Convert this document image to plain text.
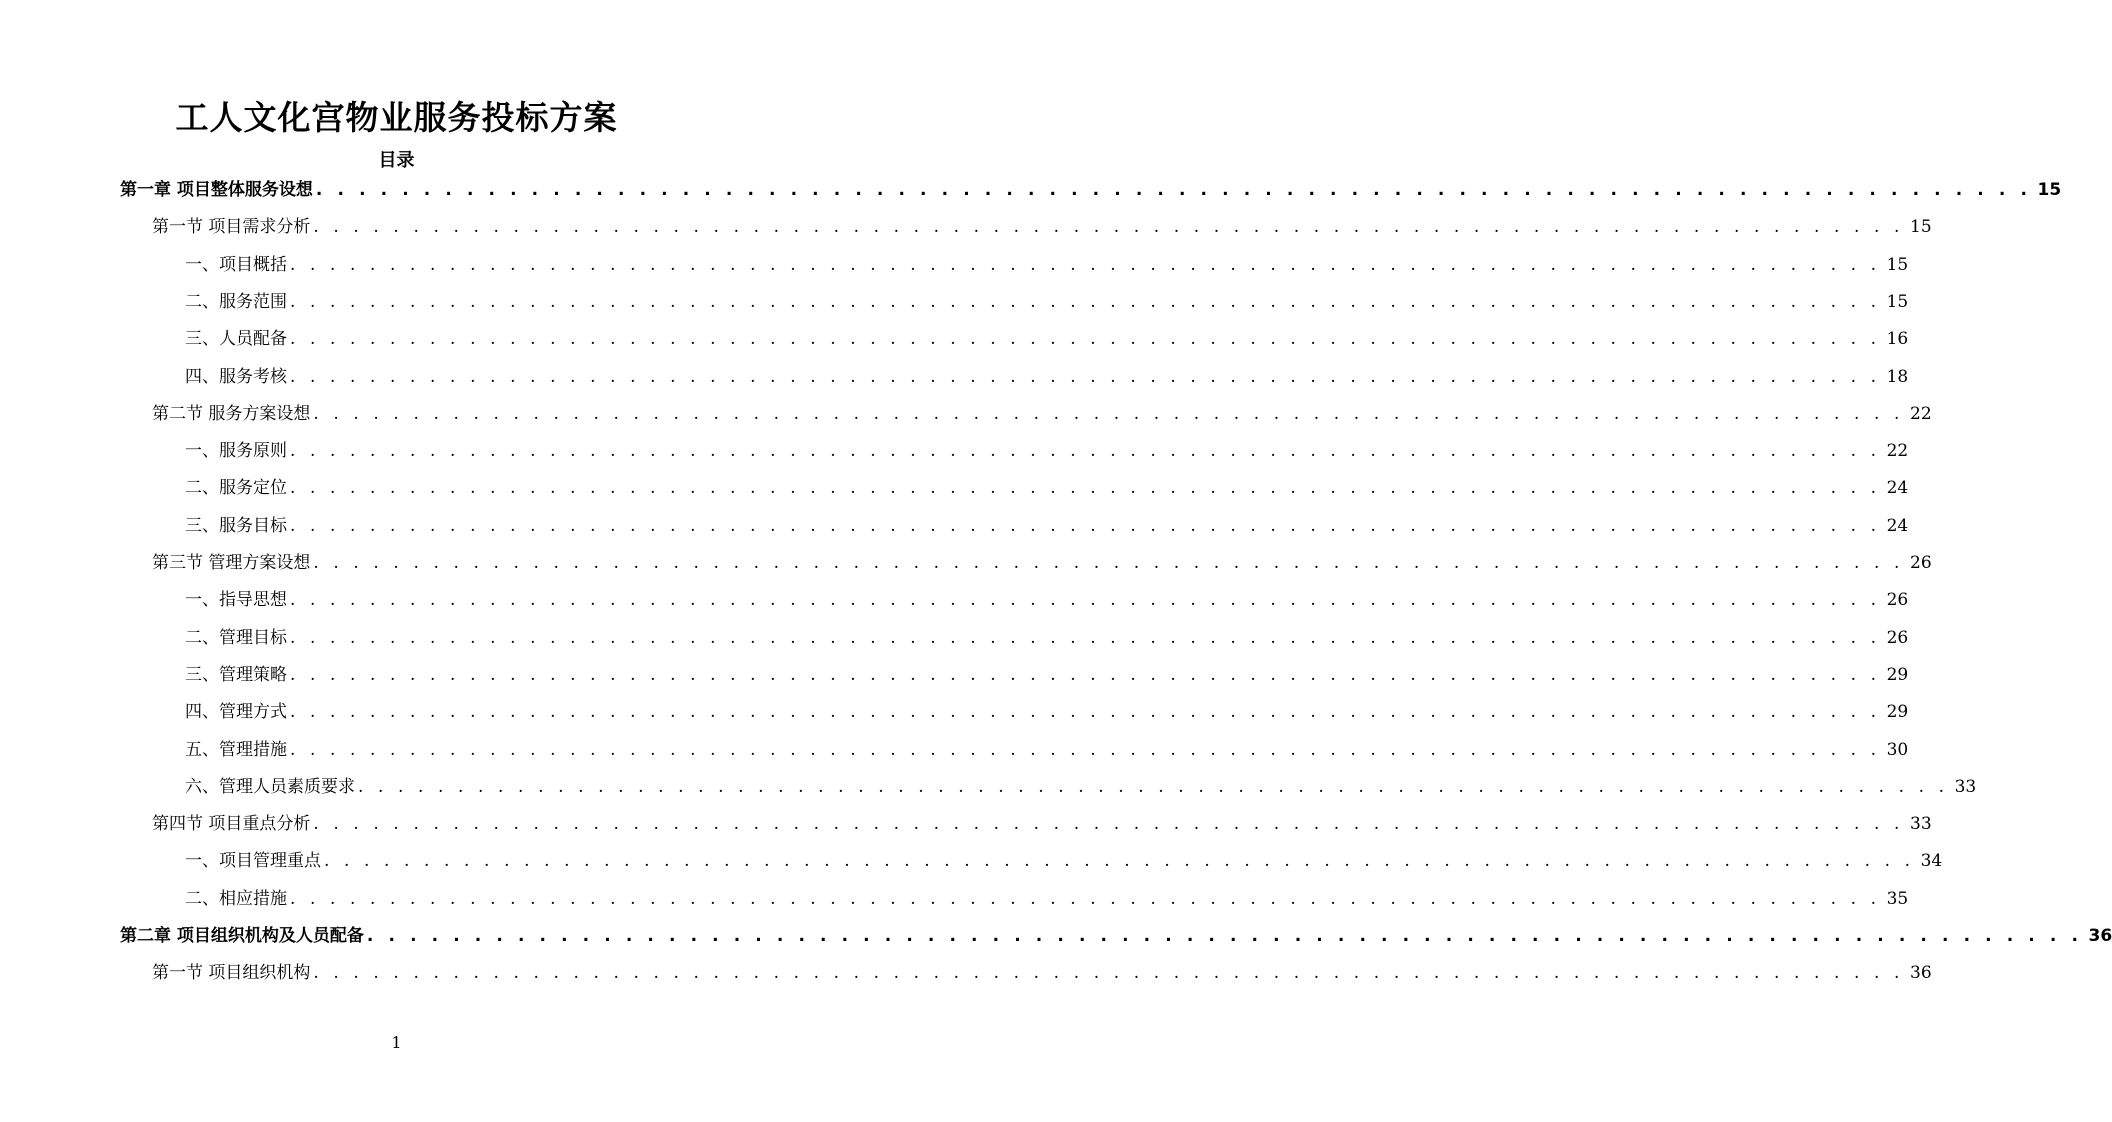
工人文化宫物业服务投标方案
目录
第一章 项目整体服务设想 . . . . . . . . . . . . . . . . . . . . . . . . . . . . . . . . . . . . . . . . . . . . . . . . . . . . . . . . . . . . . . . . . . . . . . . . . . . . . . . . 15
第一节 项目需求分析 . . . . . . . . . . . . . . . . . . . . . . . . . . . . . . . . . . . . . . . . . . . . . . . . . . . . . . . . . . . . . . . . . . . . . . . . . . . . . . . . 15
一、项目概括 . . . . . . . . . . . . . . . . . . . . . . . . . . . . . . . . . . . . . . . . . . . . . . . . . . . . . . . . . . . . . . . . . . . . . . . . . . . . . . . . 15
二、服务范围 . . . . . . . . . . . . . . . . . . . . . . . . . . . . . . . . . . . . . . . . . . . . . . . . . . . . . . . . . . . . . . . . . . . . . . . . . . . . . . . . 15
三、人员配备 . . . . . . . . . . . . . . . . . . . . . . . . . . . . . . . . . . . . . . . . . . . . . . . . . . . . . . . . . . . . . . . . . . . . . . . . . . . . . . . . 16
四、服务考核 . . . . . . . . . . . . . . . . . . . . . . . . . . . . . . . . . . . . . . . . . . . . . . . . . . . . . . . . . . . . . . . . . . . . . . . . . . . . . . . . 18
第二节 服务方案设想 . . . . . . . . . . . . . . . . . . . . . . . . . . . . . . . . . . . . . . . . . . . . . . . . . . . . . . . . . . . . . . . . . . . . . . . . . . . . . . . . 22
一、服务原则 . . . . . . . . . . . . . . . . . . . . . . . . . . . . . . . . . . . . . . . . . . . . . . . . . . . . . . . . . . . . . . . . . . . . . . . . . . . . . . . . 22
二、服务定位 . . . . . . . . . . . . . . . . . . . . . . . . . . . . . . . . . . . . . . . . . . . . . . . . . . . . . . . . . . . . . . . . . . . . . . . . . . . . . . . . 24
三、服务目标 . . . . . . . . . . . . . . . . . . . . . . . . . . . . . . . . . . . . . . . . . . . . . . . . . . . . . . . . . . . . . . . . . . . . . . . . . . . . . . . . 24
第三节 管理方案设想 . . . . . . . . . . . . . . . . . . . . . . . . . . . . . . . . . . . . . . . . . . . . . . . . . . . . . . . . . . . . . . . . . . . . . . . . . . . . . . . . 26
一、指导思想 . . . . . . . . . . . . . . . . . . . . . . . . . . . . . . . . . . . . . . . . . . . . . . . . . . . . . . . . . . . . . . . . . . . . . . . . . . . . . . . . 26
二、管理目标 . . . . . . . . . . . . . . . . . . . . . . . . . . . . . . . . . . . . . . . . . . . . . . . . . . . . . . . . . . . . . . . . . . . . . . . . . . . . . . . . 26
三、管理策略 . . . . . . . . . . . . . . . . . . . . . . . . . . . . . . . . . . . . . . . . . . . . . . . . . . . . . . . . . . . . . . . . . . . . . . . . . . . . . . . . 29
四、管理方式 . . . . . . . . . . . . . . . . . . . . . . . . . . . . . . . . . . . . . . . . . . . . . . . . . . . . . . . . . . . . . . . . . . . . . . . . . . . . . . . . 29
五、管理措施 . . . . . . . . . . . . . . . . . . . . . . . . . . . . . . . . . . . . . . . . . . . . . . . . . . . . . . . . . . . . . . . . . . . . . . . . . . . . . . . . 30
六、管理人员素质要求 . . . . . . . . . . . . . . . . . . . . . . . . . . . . . . . . . . . . . . . . . . . . . . . . . . . . . . . . . . . . . . . . . . . . . . . . . . . . . . . . 33
第四节 项目重点分析 . . . . . . . . . . . . . . . . . . . . . . . . . . . . . . . . . . . . . . . . . . . . . . . . . . . . . . . . . . . . . . . . . . . . . . . . . . . . . . . . 33
一、项目管理重点 . . . . . . . . . . . . . . . . . . . . . . . . . . . . . . . . . . . . . . . . . . . . . . . . . . . . . . . . . . . . . . . . . . . . . . . . . . . . . . . . 34
二、相应措施 . . . . . . . . . . . . . . . . . . . . . . . . . . . . . . . . . . . . . . . . . . . . . . . . . . . . . . . . . . . . . . . . . . . . . . . . . . . . . . . . 35
第二章 项目组织机构及人员配备 . . . . . . . . . . . . . . . . . . . . . . . . . . . . . . . . . . . . . . . . . . . . . . . . . . . . . . . . . . . . . . . . . . . . . . . . . . . . . . . . 36
第一节 项目组织机构 . . . . . . . . . . . . . . . . . . . . . . . . . . . . . . . . . . . . . . . . . . . . . . . . . . . . . . . . . . . . . . . . . . . . . . . . . . . . . . . . 36
1
